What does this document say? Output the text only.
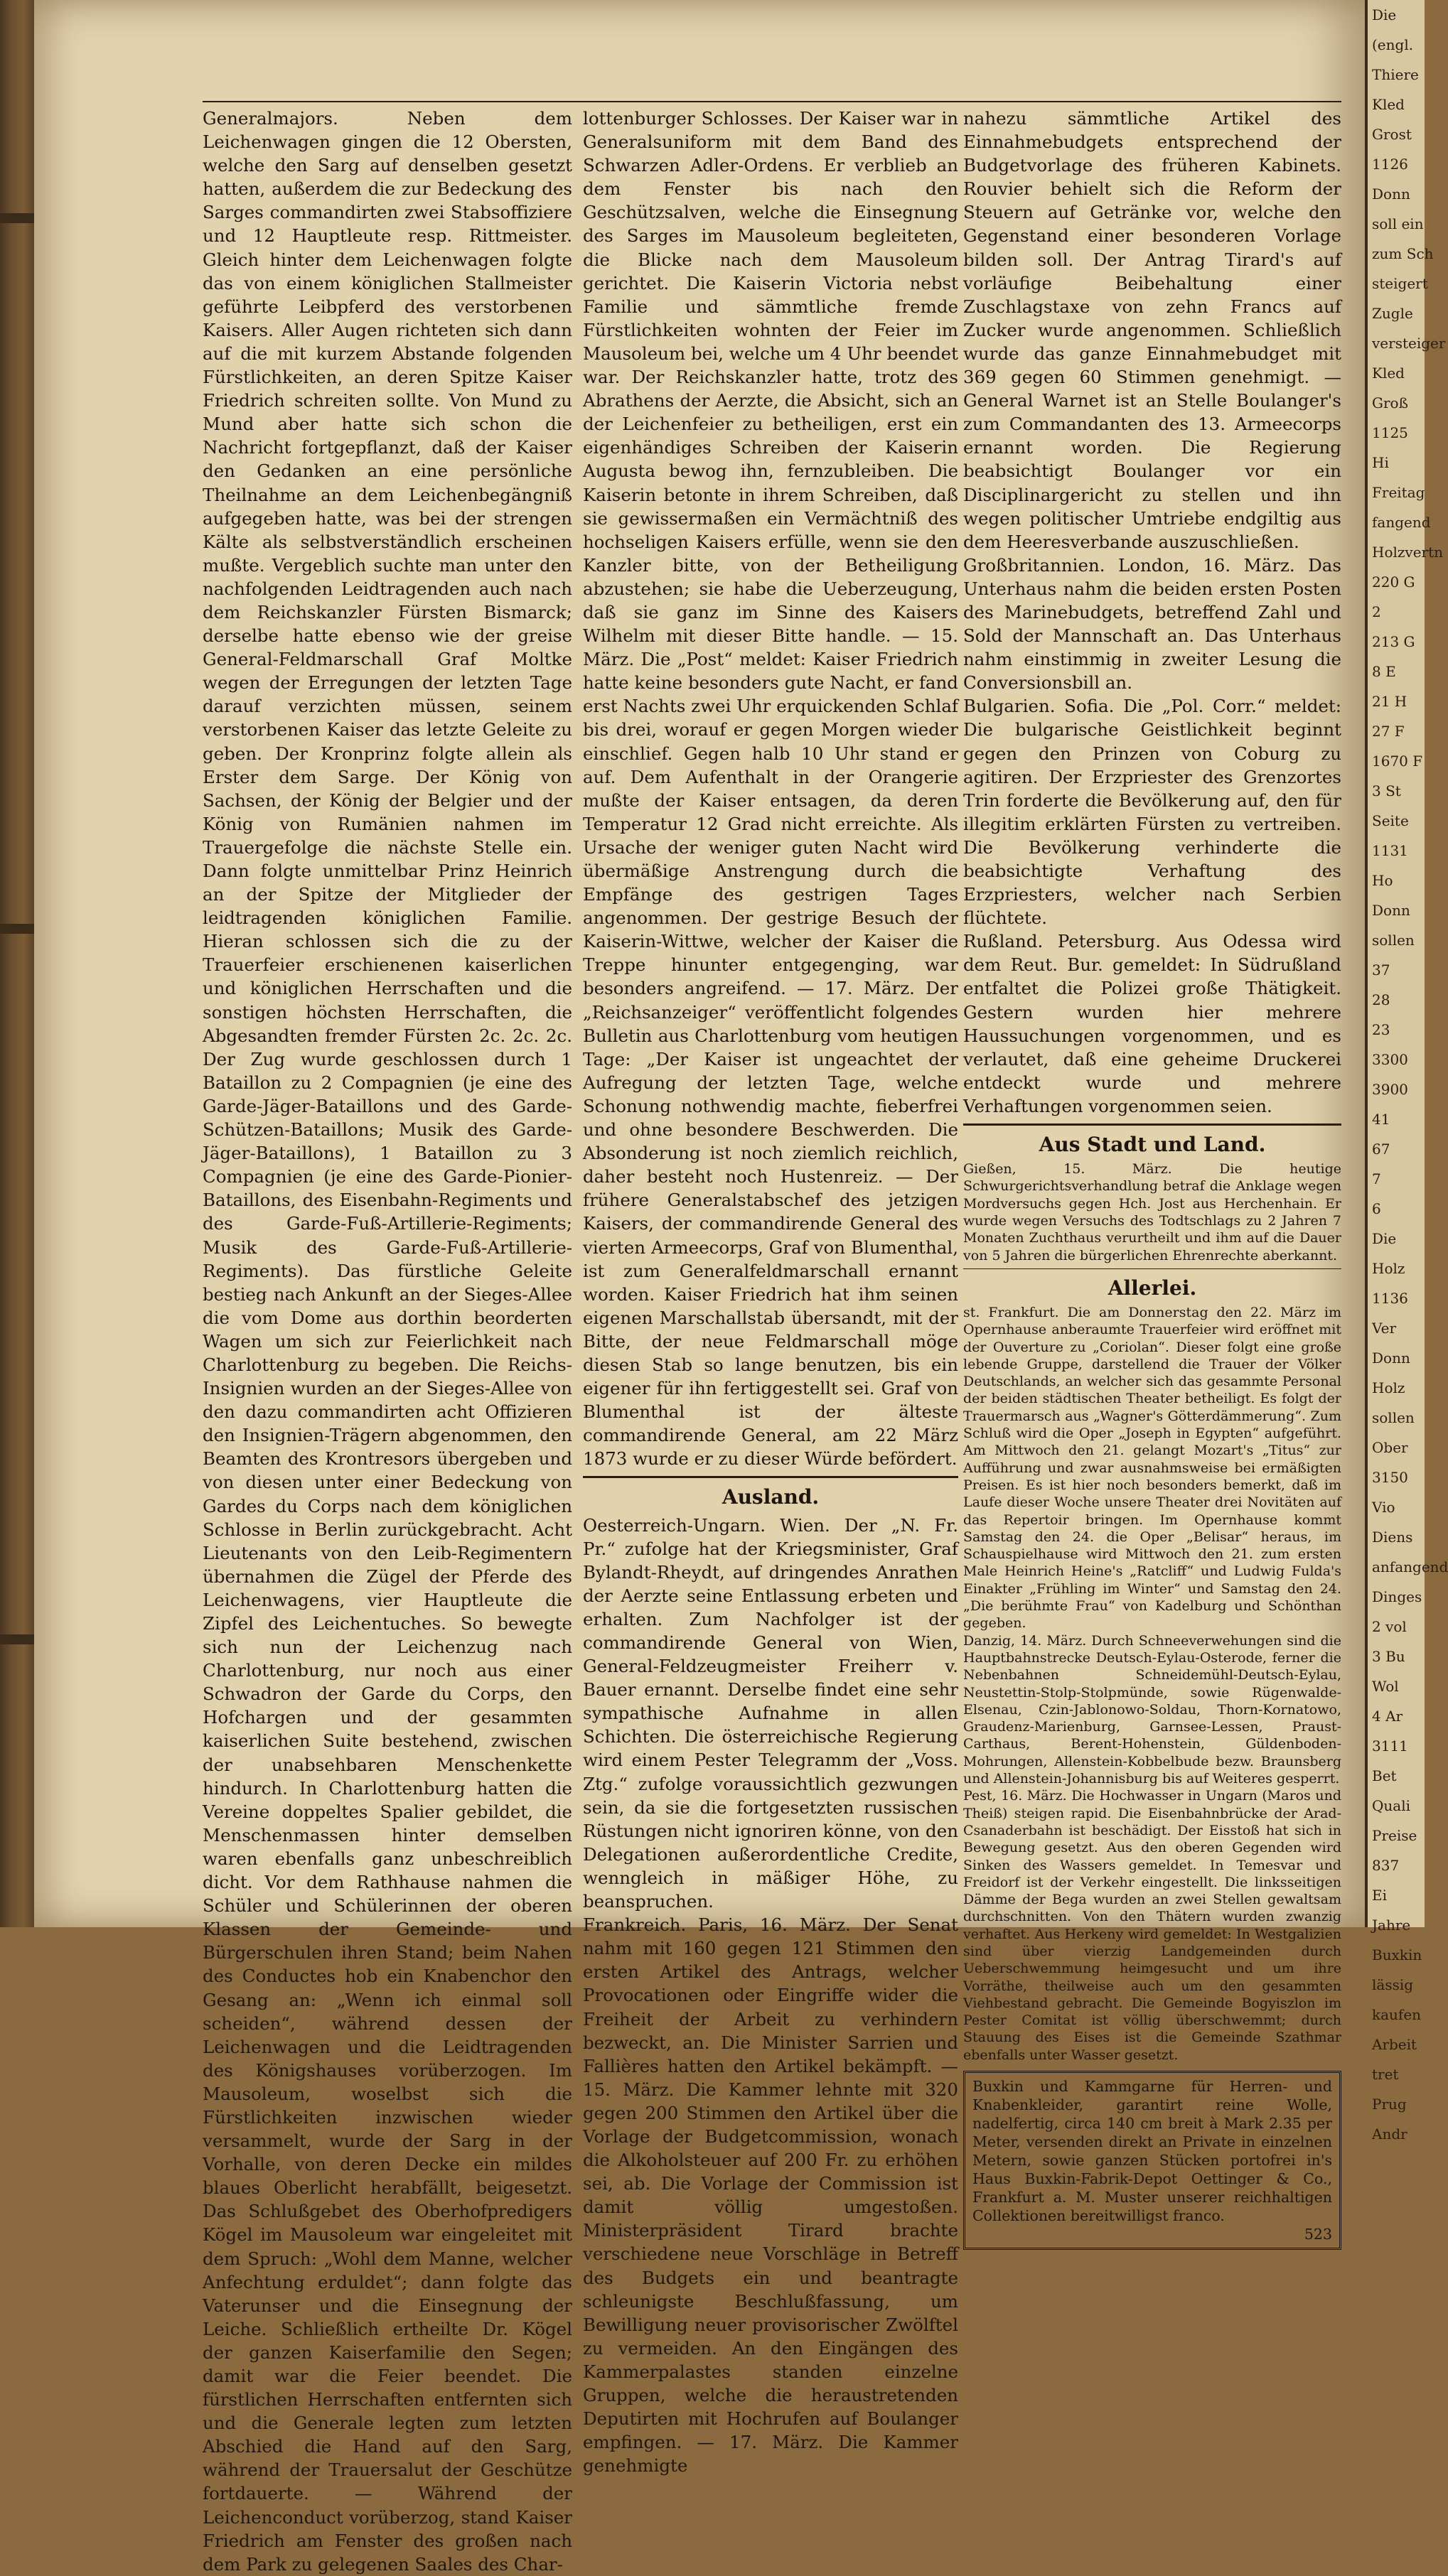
Generalmajors. Neben dem Leichenwagen gingen die 12 Obersten, welche den Sarg auf denselben gesetzt hatten, außerdem die zur Bedeckung des Sarges commandirten zwei Stabsoffiziere und 12 Hauptleute resp. Rittmeister. Gleich hinter dem Leichenwagen folgte das von einem königlichen Stallmeister geführte Leibpferd des verstorbenen Kaisers. Aller Augen richteten sich dann auf die mit kurzem Abstande folgenden Fürstlichkeiten, an deren Spitze Kaiser Friedrich schreiten sollte. Von Mund zu Mund aber hatte sich schon die Nachricht fortgepflanzt, daß der Kaiser den Gedanken an eine persönliche Theilnahme an dem Leichenbegängniß aufgegeben hatte, was bei der strengen Kälte als selbstverständlich erscheinen mußte. Vergeblich suchte man unter den nachfolgenden Leidtragenden auch nach dem Reichskanzler Fürsten Bismarck; derselbe hatte ebenso wie der greise General-Feldmarschall Graf Moltke wegen der Erregungen der letzten Tage darauf verzichten müssen, seinem verstorbenen Kaiser das letzte Geleite zu geben. Der Kronprinz folgte allein als Erster dem Sarge. Der König von Sachsen, der König der Belgier und der König von Rumänien nahmen im Trauergefolge die nächste Stelle ein. Dann folgte unmittelbar Prinz Heinrich an der Spitze der Mitglieder der leidtragenden königlichen Familie. Hieran schlossen sich die zu der Trauerfeier erschienenen kaiserlichen und königlichen Herrschaften und die sonstigen höchsten Herrschaften, die Abgesandten fremder Fürsten 2c. 2c. 2c. Der Zug wurde geschlossen durch 1 Bataillon zu 2 Compagnien (je eine des Garde-Jäger-Bataillons und des Garde-Schützen-Bataillons; Musik des Garde-Jäger-Bataillons), 1 Bataillon zu 3 Compagnien (je eine des Garde-Pionier-Bataillons, des Eisenbahn-Regiments und des Garde-Fuß-Artillerie-Regiments; Musik des Garde-Fuß-Artillerie-Regiments). Das fürstliche Geleite bestieg nach Ankunft an der Sieges-Allee die vom Dome aus dorthin beorderten Wagen um sich zur Feierlichkeit nach Charlottenburg zu begeben. Die Reichs-Insignien wurden an der Sieges-Allee von den dazu commandirten acht Offizieren den Insignien-Trägern abgenommen, den Beamten des Krontresors übergeben und von diesen unter einer Bedeckung von Gardes du Corps nach dem königlichen Schlosse in Berlin zurückgebracht. Acht Lieutenants von den Leib-Regimentern übernahmen die Zügel der Pferde des Leichenwagens, vier Hauptleute die Zipfel des Leichentuches. So bewegte sich nun der Leichenzug nach Charlottenburg, nur noch aus einer Schwadron der Garde du Corps, den Hofchargen und der gesammten kaiserlichen Suite bestehend, zwischen der unabsehbaren Menschenkette hindurch. In Charlottenburg hatten die Vereine doppeltes Spalier gebildet, die Menschenmassen hinter demselben waren ebenfalls ganz unbeschreiblich dicht. Vor dem Rathhause nahmen die Schüler und Schülerinnen der oberen Klassen der Gemeinde- und Bürgerschulen ihren Stand; beim Nahen des Conductes hob ein Knabenchor den Gesang an: „Wenn ich einmal soll scheiden“, während dessen der Leichenwagen und die Leidtragenden des Königshauses vorüberzogen. Im Mausoleum, woselbst sich die Fürstlichkeiten inzwischen wieder versammelt, wurde der Sarg in der Vorhalle, von deren Decke ein mildes blaues Oberlicht herabfällt, beigesetzt. Das Schlußgebet des Oberhofpredigers Kögel im Mausoleum war eingeleitet mit dem Spruch: „Wohl dem Manne, welcher Anfechtung erduldet“; dann folgte das Vaterunser und die Einsegnung der Leiche. Schließlich ertheilte Dr. Kögel der ganzen Kaiserfamilie den Segen; damit war die Feier beendet. Die fürstlichen Herrschaften entfernten sich und die Generale legten zum letzten Abschied die Hand auf den Sarg, während der Trauersalut der Geschütze fortdauerte. — Während der Leichenconduct vorüberzog, stand Kaiser Friedrich am Fenster des großen nach dem Park zu gelegenen Saales des Char-

lottenburger Schlosses. Der Kaiser war in Generalsuniform mit dem Band des Schwarzen Adler-Ordens. Er verblieb an dem Fenster bis nach den Geschützsalven, welche die Einsegnung des Sarges im Mausoleum begleiteten, die Blicke nach dem Mausoleum gerichtet. Die Kaiserin Victoria nebst Familie und sämmtliche fremde Fürstlichkeiten wohnten der Feier im Mausoleum bei, welche um 4 Uhr beendet war. Der Reichskanzler hatte, trotz des Abrathens der Aerzte, die Absicht, sich an der Leichenfeier zu betheiligen, erst ein eigenhändiges Schreiben der Kaiserin Augusta bewog ihn, fernzubleiben. Die Kaiserin betonte in ihrem Schreiben, daß sie gewissermaßen ein Vermächtniß des hochseligen Kaisers erfülle, wenn sie den Kanzler bitte, von der Betheiligung abzustehen; sie habe die Ueberzeugung, daß sie ganz im Sinne des Kaisers Wilhelm mit dieser Bitte handle. — 15. März. Die „Post“ meldet: Kaiser Friedrich hatte keine besonders gute Nacht, er fand erst Nachts zwei Uhr erquickenden Schlaf bis drei, worauf er gegen Morgen wieder einschlief. Gegen halb 10 Uhr stand er auf. Dem Aufenthalt in der Orangerie mußte der Kaiser entsagen, da deren Temperatur 12 Grad nicht erreichte. Als Ursache der weniger guten Nacht wird übermäßige Anstrengung durch die Empfänge des gestrigen Tages angenommen. Der gestrige Besuch der Kaiserin-Wittwe, welcher der Kaiser die Treppe hinunter entgegenging, war besonders angreifend. — 17. März. Der „Reichsanzeiger“ veröffentlicht folgendes Bulletin aus Charlottenburg vom heutigen Tage: „Der Kaiser ist ungeachtet der Aufregung der letzten Tage, welche Schonung nothwendig machte, fieberfrei und ohne besondere Beschwerden. Die Absonderung ist noch ziemlich reichlich, daher besteht noch Hustenreiz. — Der frühere Generalstabschef des jetzigen Kaisers, der commandirende General des vierten Armeecorps, Graf von Blumenthal, ist zum Generalfeldmarschall ernannt worden. Kaiser Friedrich hat ihm seinen eigenen Marschallstab übersandt, mit der Bitte, der neue Feldmarschall möge diesen Stab so lange benutzen, bis ein eigener für ihn fertiggestellt sei. Graf von Blumenthal ist der älteste commandirende General, am 22 März 1873 wurde er zu dieser Würde befördert.

Ausland.

Oesterreich-Ungarn. Wien. Der „N. Fr. Pr.“ zufolge hat der Kriegsminister, Graf Bylandt-Rheydt, auf dringendes Anrathen der Aerzte seine Entlassung erbeten und erhalten. Zum Nachfolger ist der commandirende General von Wien, General-Feldzeugmeister Freiherr v. Bauer ernannt. Derselbe findet eine sehr sympathische Aufnahme in allen Schichten. Die österreichische Regierung wird einem Pester Telegramm der „Voss. Ztg.“ zufolge voraussichtlich gezwungen sein, da sie die fortgesetzten russischen Rüstungen nicht ignoriren könne, von den Delegationen außerordentliche Credite, wenngleich in mäßiger Höhe, zu beanspruchen.

Frankreich. Paris, 16. März. Der Senat nahm mit 160 gegen 121 Stimmen den ersten Artikel des Antrags, welcher Provocationen oder Eingriffe wider die Freiheit der Arbeit zu verhindern bezweckt, an. Die Minister Sarrien und Fallières hatten den Artikel bekämpft. — 15. März. Die Kammer lehnte mit 320 gegen 200 Stimmen den Artikel über die Vorlage der Budgetcommission, wonach die Alkoholsteuer auf 200 Fr. zu erhöhen sei, ab. Die Vorlage der Commission ist damit völlig umgestoßen. Ministerpräsident Tirard brachte verschiedene neue Vorschläge in Betreff des Budgets ein und beantragte schleunigste Beschlußfassung, um Bewilligung neuer provisorischer Zwölftel zu vermeiden. An den Eingängen des Kammerpalastes standen einzelne Gruppen, welche die heraustretenden Deputirten mit Hochrufen auf Boulanger empfingen. — 17. März. Die Kammer genehmigte

nahezu sämmtliche Artikel des Einnahmebudgets entsprechend der Budgetvorlage des früheren Kabinets. Rouvier behielt sich die Reform der Steuern auf Getränke vor, welche den Gegenstand einer besonderen Vorlage bilden soll. Der Antrag Tirard's auf vorläufige Beibehaltung einer Zuschlagstaxe von zehn Francs auf Zucker wurde angenommen. Schließlich wurde das ganze Einnahmebudget mit 369 gegen 60 Stimmen genehmigt. — General Warnet ist an Stelle Boulanger's zum Commandanten des 13. Armeecorps ernannt worden. Die Regierung beabsichtigt Boulanger vor ein Disciplinargericht zu stellen und ihn wegen politischer Umtriebe endgiltig aus dem Heeresverbande auszuschließen.

Großbritannien. London, 16. März. Das Unterhaus nahm die beiden ersten Posten des Marinebudgets, betreffend Zahl und Sold der Mannschaft an. Das Unterhaus nahm einstimmig in zweiter Lesung die Conversionsbill an.

Bulgarien. Sofia. Die „Pol. Corr.“ meldet: Die bulgarische Geistlichkeit beginnt gegen den Prinzen von Coburg zu agitiren. Der Erzpriester des Grenzortes Trin forderte die Bevölkerung auf, den für illegitim erklärten Fürsten zu vertreiben. Die Bevölkerung verhinderte die beabsichtigte Verhaftung des Erzpriesters, welcher nach Serbien flüchtete.

Rußland. Petersburg. Aus Odessa wird dem Reut. Bur. gemeldet: In Südrußland entfaltet die Polizei große Thätigkeit. Gestern wurden hier mehrere Haussuchungen vorgenommen, und es verlautet, daß eine geheime Druckerei entdeckt wurde und mehrere Verhaftungen vorgenommen seien.

Aus Stadt und Land.

Gießen, 15. März. Die heutige Schwurgerichtsverhandlung betraf die Anklage wegen Mordversuchs gegen Hch. Jost aus Herchenhain. Er wurde wegen Versuchs des Todtschlags zu 2 Jahren 7 Monaten Zuchthaus verurtheilt und ihm auf die Dauer von 5 Jahren die bürgerlichen Ehrenrechte aberkannt.

Allerlei.

st. Frankfurt. Die am Donnerstag den 22. März im Opernhause anberaumte Trauerfeier wird eröffnet mit der Ouverture zu „Coriolan“. Dieser folgt eine große lebende Gruppe, darstellend die Trauer der Völker Deutschlands, an welcher sich das gesammte Personal der beiden städtischen Theater betheiligt. Es folgt der Trauermarsch aus „Wagner's Götterdämmerung“. Zum Schluß wird die Oper „Joseph in Egypten“ aufgeführt. Am Mittwoch den 21. gelangt Mozart's „Titus“ zur Aufführung und zwar ausnahmsweise bei ermäßigten Preisen. Es ist hier noch besonders bemerkt, daß im Laufe dieser Woche unsere Theater drei Novitäten auf das Repertoir bringen. Im Opernhause kommt Samstag den 24. die Oper „Belisar“ heraus, im Schauspielhause wird Mittwoch den 21. zum ersten Male Heinrich Heine's „Ratcliff“ und Ludwig Fulda's Einakter „Frühling im Winter“ und Samstag den 24. „Die berühmte Frau“ von Kadelburg und Schönthan gegeben.

Danzig, 14. März. Durch Schneeverwehungen sind die Hauptbahnstrecke Deutsch-Eylau-Osterode, ferner die Nebenbahnen Schneidemühl-Deutsch-Eylau, Neustettin-Stolp-Stolpmünde, sowie Rügenwalde-Elsenau, Czin-Jablonowo-Soldau, Thorn-Kornatowo, Graudenz-Marienburg, Garnsee-Lessen, Praust-Carthaus, Berent-Hohenstein, Güldenboden-Mohrungen, Allenstein-Kobbelbude bezw. Braunsberg und Allenstein-Johannisburg bis auf Weiteres gesperrt.

Pest, 16. März. Die Hochwasser in Ungarn (Maros und Theiß) steigen rapid. Die Eisenbahnbrücke der Arad-Csanaderbahn ist beschädigt. Der Eisstoß hat sich in Bewegung gesetzt. Aus den oberen Gegenden wird Sinken des Wassers gemeldet. In Temesvar und Freidorf ist der Verkehr eingestellt. Die linksseitigen Dämme der Bega wurden an zwei Stellen gewaltsam durchschnitten. Von den Thätern wurden zwanzig verhaftet. Aus Herkeny wird gemeldet: In Westgalizien sind über vierzig Landgemeinden durch Ueberschwemmung heimgesucht und um ihre Vorräthe, theilweise auch um den gesammten Viehbestand gebracht. Die Gemeinde Bogyiszlon im Pester Comitat ist völlig überschwemmt; durch Stauung des Eises ist die Gemeinde Szathmar ebenfalls unter Wasser gesetzt.

Buxkin und Kammgarne für Herren- und Knabenkleider, garantirt reine Wolle, nadelfertig, circa 140 cm breit à Mark 2.35 per Meter, versenden direkt an Private in einzelnen Metern, sowie ganzen Stücken portofrei in's Haus Buxkin-Fabrik-Depot Oettinger & Co., Frankfurt a. M. Muster unserer reichhaltigen Collektionen bereitwilligst franco.
523
Die
(engl.
Thiere
Kled
Grost
1126
Donn
soll ein
zum Sch
steigert
Zugle
versteiger
Kled
Groß
1125
Hi
Freitag
fangend
Holzvertn
220 G
2
213 G
8 E
21 H
27 F
1670 F
3 St
Seite
1131
Ho
Donn
sollen
37
28
23
3300
3900
41
67
7
6
Die
Holz
1136
Ver
Donn
Holz
sollen
Ober
3150
Vio
Diens
anfangend
Dinges
2 vol
3 Bu
Wol
4 Ar
3111
Bet
Quali
Preise
837
Ei
Jahre
Buxkin
lässig
kaufen
Arbeit
tret
Prug
Andr
